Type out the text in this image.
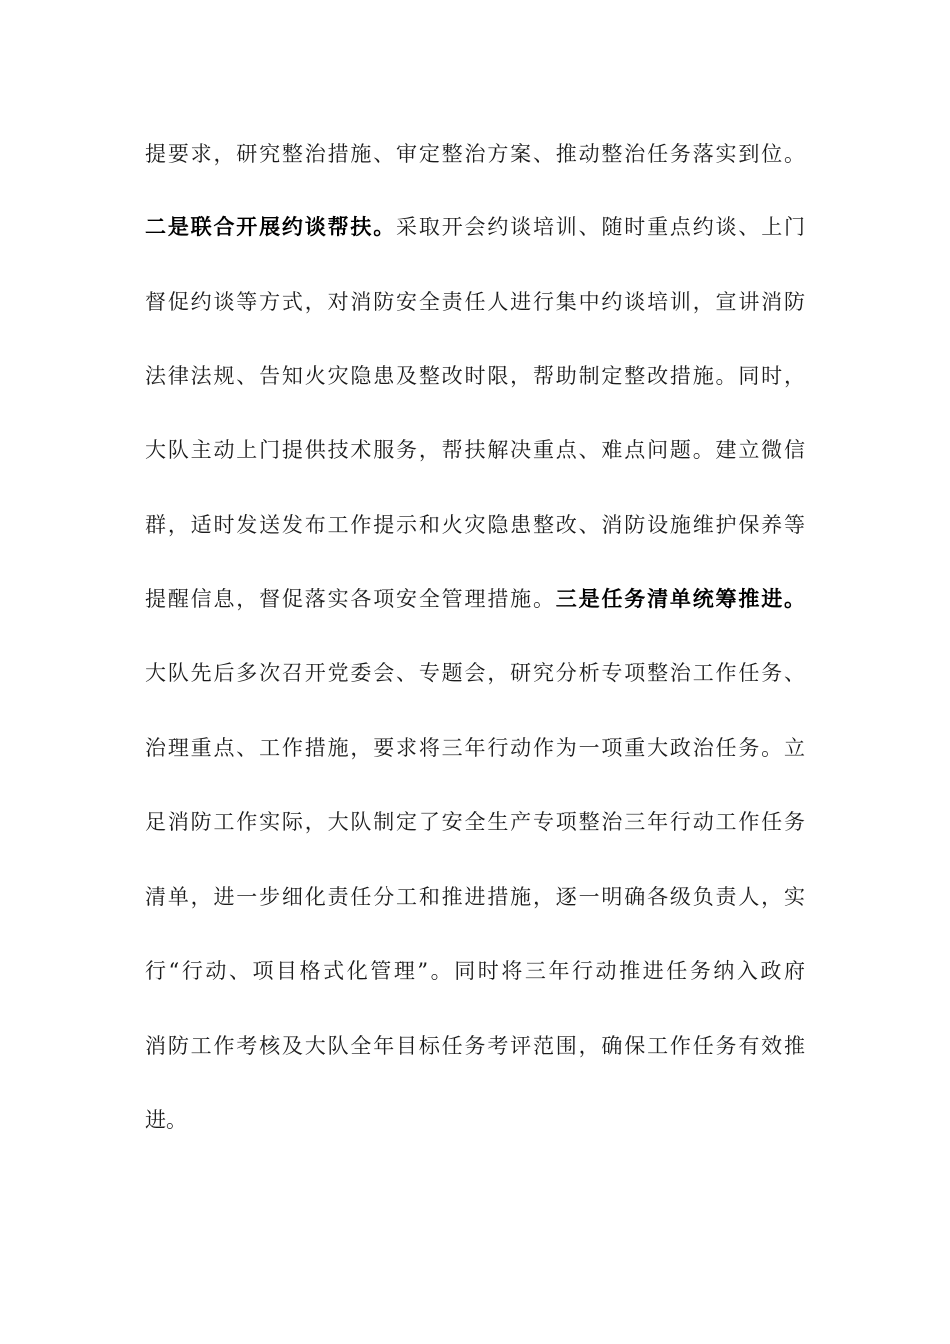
提要求，研究整治措施、审定整治方案、推动整治任务落实到位。
二是联合开展约谈帮扶。采取开会约谈培训、随时重点约谈、上门
督促约谈等方式，对消防安全责任人进行集中约谈培训，宣讲消防
法律法规、告知火灾隐患及整改时限，帮助制定整改措施。同时，
大队主动上门提供技术服务，帮扶解决重点、难点问题。建立微信
群，适时发送发布工作提示和火灾隐患整改、消防设施维护保养等
提醒信息，督促落实各项安全管理措施。三是任务清单统筹推进。
大队先后多次召开党委会、专题会，研究分析专项整治工作任务、
治理重点、工作措施，要求将三年行动作为一项重大政治任务。立
足消防工作实际，大队制定了安全生产专项整治三年行动工作任务
清单，进一步细化责任分工和推进措施，逐一明确各级负责人，实
行“行动、项目格式化管理”。同时将三年行动推进任务纳入政府
消防工作考核及大队全年目标任务考评范围，确保工作任务有效推
进。
